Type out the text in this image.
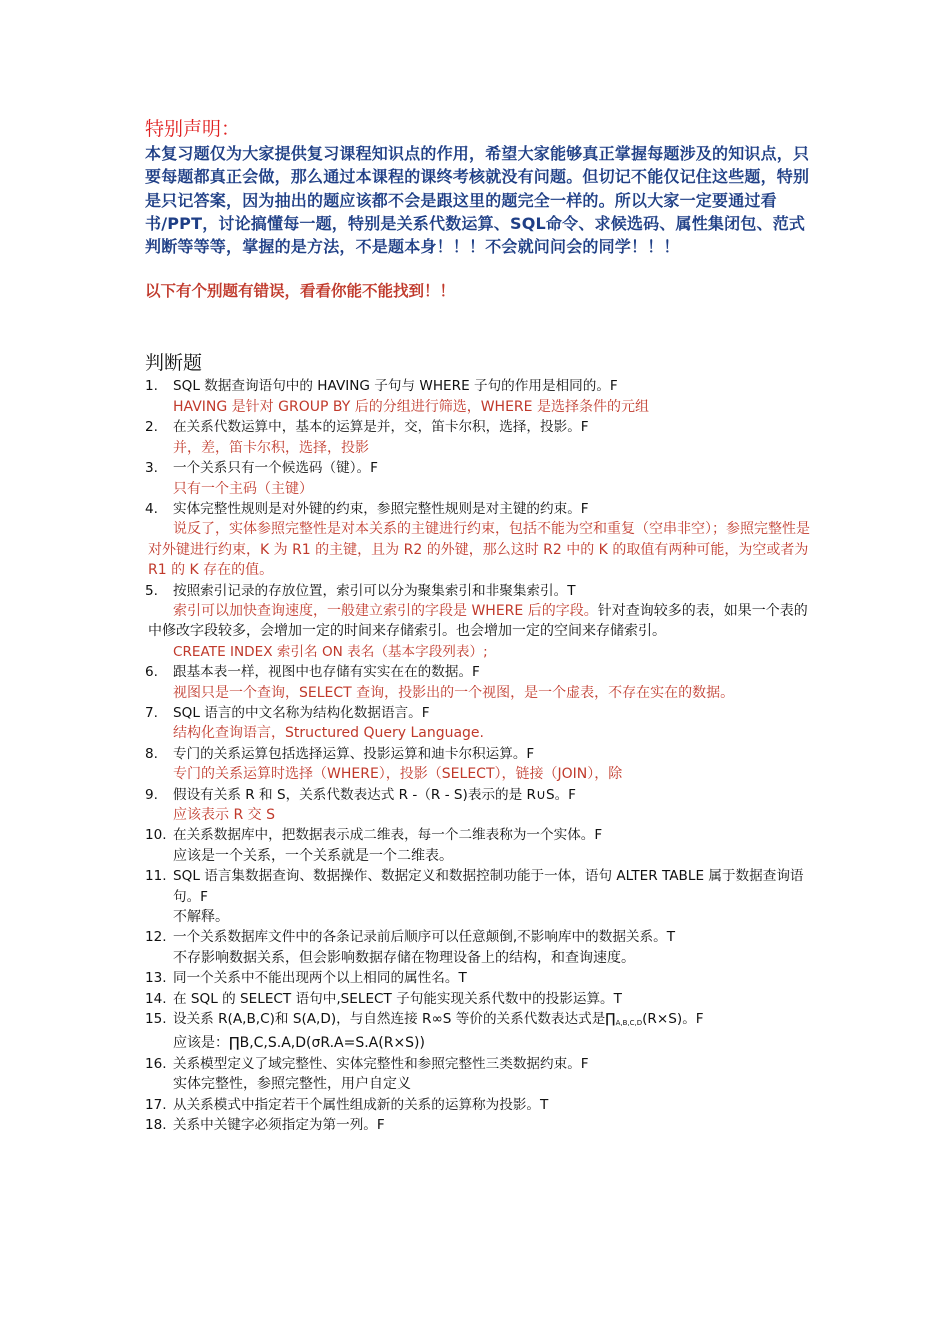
特别声明：

本复习题仅为大家提供复习课程知识点的作用，希望大家能够真正掌握每题涉及的知识点，只要每题都真正会做，那么通过本课程的课终考核就没有问题。但切记不能仅记住这些题，特别是只记答案，因为抽出的题应该都不会是跟这里的题完全一样的。所以大家一定要通过看书/PPT，讨论搞懂每一题，特别是关系代数运算、SQL命令、求候选码、属性集闭包、范式判断等等等，掌握的是方法，不是题本身！！！不会就问问会的同学！！！

以下有个别题有错误，看看你能不能找到！！

判断题

1. SQL 数据查询语句中的 HAVING 子句与 WHERE 子句的作用是相同的。F
HAVING 是针对 GROUP BY 后的分组进行筛选，WHERE 是选择条件的元组
2. 在关系代数运算中，基本的运算是并，交，笛卡尔积，选择，投影。F
并，差，笛卡尔积，选择，投影
3. 一个关系只有一个候选码（键）。F
只有一个主码（主键）
4. 实体完整性规则是对外键的约束，参照完整性规则是对主键的约束。F
说反了，实体参照完整性是对本关系的主键进行约束，包括不能为空和重复（空串非空）；参照完整性是对外键进行约束，K 为 R1 的主键，且为 R2 的外键，那么这时 R2 中的 K 的取值有两种可能，为空或者为 R1 的 K 存在的值。
5. 按照索引记录的存放位置，索引可以分为聚集索引和非聚集索引。T
索引可以加快查询速度，一般建立索引的字段是 WHERE 后的字段。针对查询较多的表，如果一个表的中修改字段较多，会增加一定的时间来存储索引。也会增加一定的空间来存储索引。
CREATE INDEX 索引名 ON 表名（基本字段列表）;
6. 跟基本表一样，视图中也存储有实实在在的数据。F
视图只是一个查询，SELECT 查询，投影出的一个视图，是一个虚表，不存在实在的数据。
7. SQL 语言的中文名称为结构化数据语言。F
结构化查询语言，Structured Query Language.
8. 专门的关系运算包括选择运算、投影运算和迪卡尔积运算。F
专门的关系运算时选择（WHERE），投影（SELECT），链接（JOIN），除
9. 假设有关系 R 和 S，关系代数表达式 R -（R - S)表示的是 R∪S。F
应该表示 R 交 S
10. 在关系数据库中，把数据表示成二维表，每一个二维表称为一个实体。F
应该是一个关系，一个关系就是一个二维表。
11. SQL 语言集数据查询、数据操作、数据定义和数据控制功能于一体，语句 ALTER TABLE 属于数据查询语句。F
不解释。
12. 一个关系数据库文件中的各条记录前后顺序可以任意颠倒,不影响库中的数据关系。T
不存影响数据关系，但会影响数据存储在物理设备上的结构，和查询速度。
13. 同一个关系中不能出现两个以上相同的属性名。T
14. 在 SQL 的 SELECT 语句中,SELECT 子句能实现关系代数中的投影运算。T
15. 设关系 R(A,B,C)和 S(A,D)，与自然连接 R∞S 等价的关系代数表达式是$\prod_{A,B,C,D}(R\times S)$。F
应该是：∏B,C,S.A,D(σR.A=S.A(R×S))
16. 关系模型定义了域完整性、实体完整性和参照完整性三类数据约束。F
实体完整性，参照完整性，用户自定义
17. 从关系模式中指定若干个属性组成新的关系的运算称为投影。T
18. 关系中关键字必须指定为第一列。F
